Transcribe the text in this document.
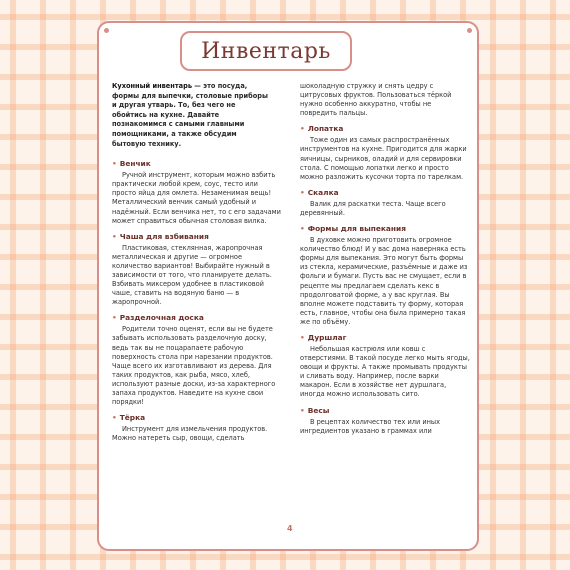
Инвентарь

Кухонный инвентарь — это посуда, формы для выпечки, столовые приборы и другая утварь. То, без чего не обойтись на кухне. Давайте познакомимся с самыми главными помощниками, а также обсудим бытовую технику.

• Венчик

Ручной инструмент, которым можно взбить практически любой крем, соус, тесто или просто яйца для омлета. Незаменимая вещь! Металлический венчик самый удобный и надёжный. Если венчика нет, то с его задачами может справиться обычная столовая вилка.

• Чаша для взбивания

Пластиковая, стеклянная, жаропрочная металлическая и другие — огромное количество вариантов! Выбирайте нужный в зависимости от того, что планируете делать. Взбивать миксером удобнее в пластиковой чаше, ставить на водяную баню — в жаропрочной.

• Разделочная доска

Родители точно оценят, если вы не будете забывать использовать разделочную доску, ведь так вы не поцарапаете рабочую поверхность стола при нарезании продуктов. Чаще всего их изготавливают из дерева. Для таких продуктов, как рыба, мясо, хлеб, используют разные доски, из-за характерного запаха продуктов. Наведите на кухне свои порядки!

• Тёрка

Инструмент для измельчения продуктов. Можно натереть сыр, овощи, сделать

шоколадную стружку и снять цедру с цитрусовых фруктов. Пользоваться тёркой нужно особенно аккуратно, чтобы не повредить пальцы.

• Лопатка

Тоже один из самых распространённых инструментов на кухне. Пригодится для жарки яичницы, сырников, оладий и для сервировки стола. С помощью лопатки легко и просто можно разложить кусочки торта по тарелкам.

• Скалка

Валик для раскатки теста. Чаще всего деревянный.

• Формы для выпекания

В духовке можно приготовить огромное количество блюд! И у вас дома наверняка есть формы для выпекания. Это могут быть формы из стекла, керамические, разъёмные и даже из фольги и бумаги. Пусть вас не смущает, если в рецепте мы предлагаем сделать кекс в продолговатой форме, а у вас круглая. Вы вполне можете подставить ту форму, которая есть, главное, чтобы она была примерно такая же по объёму.

• Дуршлаг

Небольшая кастрюля или ковш с отверстиями. В такой посуде легко мыть ягоды, овощи и фрукты. А также промывать продукты и сливать воду. Например, после варки макарон. Если в хозяйстве нет дуршлага, иногда можно использовать сито.

• Весы

В рецептах количество тех или иных ингредиентов указано в граммах или

4
